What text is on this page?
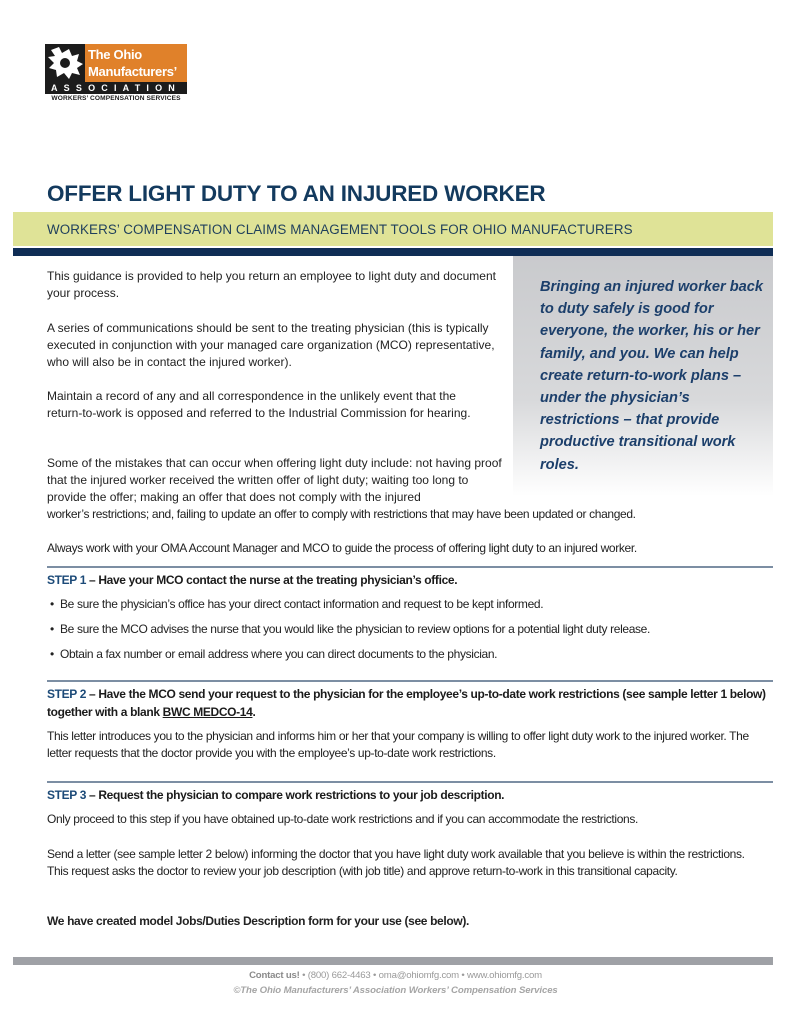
The Ohio
Manufacturers’
ASSOCIATION
WORKERS’ COMPENSATION SERVICES
OFFER LIGHT DUTY TO AN INJURED WORKER
WORKERS’ COMPENSATION CLAIMS MANAGEMENT TOOLS FOR OHIO MANUFACTURERS
Bringing an injured worker back to duty safely is good for everyone, the worker, his or her family, and you. We can help create return-to-work plans – under the physician’s restrictions – that provide productive transitional work roles.

This guidance is provided to help you return an employee to light duty and document your process.

A series of communications should be sent to the treating physician (this is typically executed in conjunction with your managed care organization (MCO) representative, who will also be in contact the injured worker).

Maintain a record of any and all correspondence in the unlikely event that the return-to-work is opposed and referred to the Industrial Commission for hearing.

Some of the mistakes that can occur when offering light duty include: not having proof that the injured worker received the written offer of light duty; waiting too long to provide the offer; making an offer that does not comply with the injured

worker’s restrictions; and, failing to update an offer to comply with restrictions that may have been updated or changed.

Always work with your OMA Account Manager and MCO to guide the process of offering light duty to an injured worker.

STEP 1 – Have your MCO contact the nurse at the treating physician’s office.

• Be sure the physician’s office has your direct contact information and request to be kept informed.
• Be sure the MCO advises the nurse that you would like the physician to review options for a potential light duty release.
• Obtain a fax number or email address where you can direct documents to the physician.

STEP 2 – Have the MCO send your request to the physician for the employee’s up-to-date work restrictions (see sample letter 1 below) together with a blank BWC MEDCO-14.

This letter introduces you to the physician and informs him or her that your company is willing to offer light duty work to the injured worker. The letter requests that the doctor provide you with the employee’s up-to-date work restrictions.

STEP 3 – Request the physician to compare work restrictions to your job description.

Only proceed to this step if you have obtained up-to-date work restrictions and if you can accommodate the restrictions.

Send a letter (see sample letter 2 below) informing the doctor that you have light duty work available that you believe is within the restrictions. This request asks the doctor to review your job description (with job title) and approve return-to-work in this transitional capacity.

We have created model Jobs/Duties Description form for your use (see below).

Contact us! • (800) 662-4463 • oma@ohiomfg.com • www.ohiomfg.com
©The Ohio Manufacturers’ Association Workers’ Compensation Services
